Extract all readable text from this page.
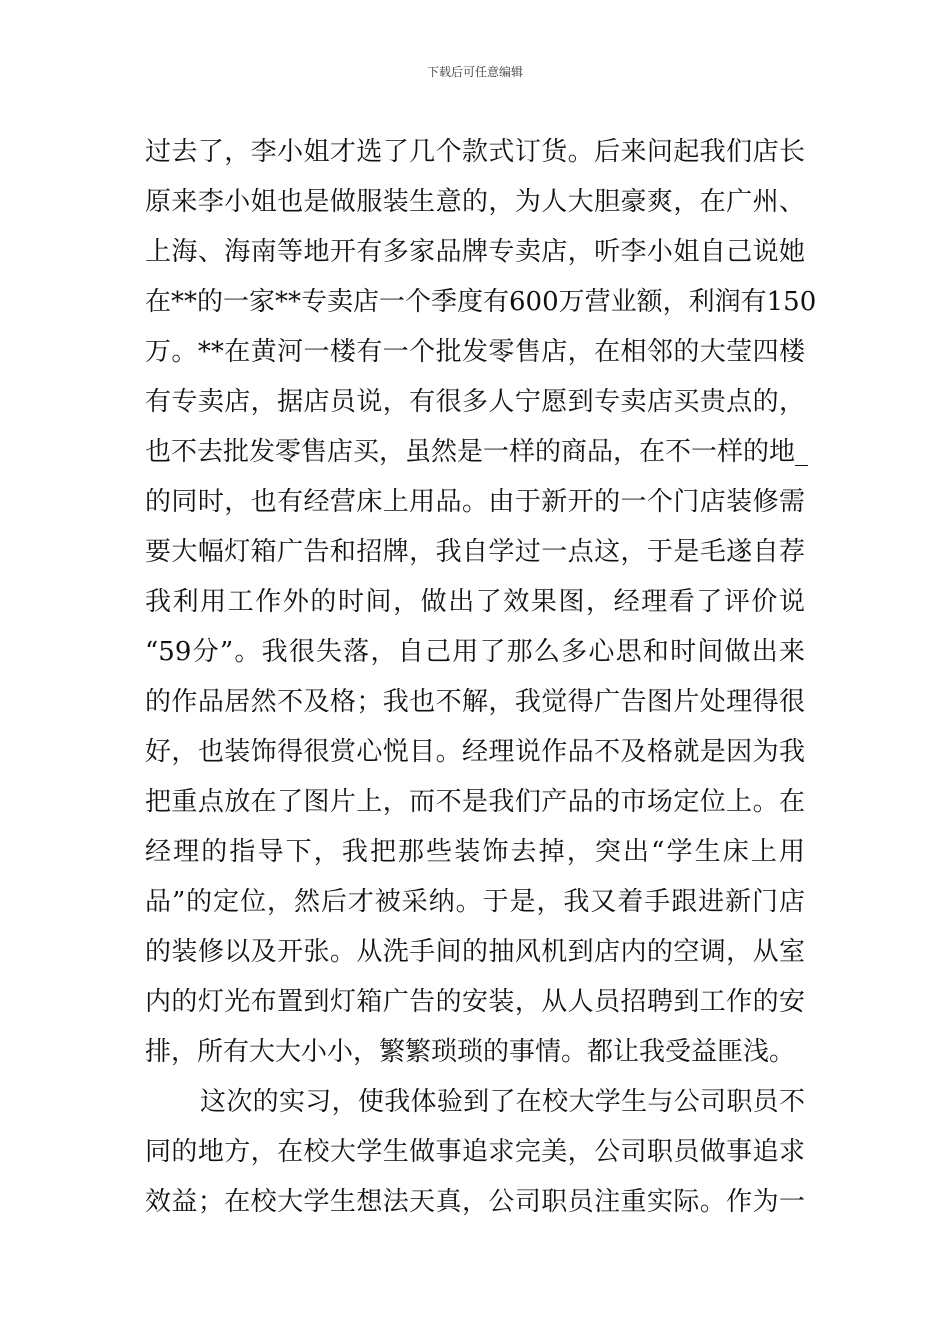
下载后可任意编辑
过去了，李小姐才选了几个款式订货。后来问起我们店长
原来李小姐也是做服装生意的，为人大胆豪爽，在广州、
上海、海南等地开有多家品牌专卖店，听李小姐自己说她
在**的一家**专卖店一个季度有600万营业额，利润有150
万。**在黄河一楼有一个批发零售店，在相邻的大莹四楼
有专卖店，据店员说，有很多人宁愿到专卖店买贵点的，
也不去批发零售店买，虽然是一样的商品，在不一样的地_
的同时，也有经营床上用品。由于新开的一个门店装修需
要大幅灯箱广告和招牌，我自学过一点这，于是毛遂自荐
我利用工作外的时间，做出了效果图，经理看了评价说
“59分”。我很失落，自己用了那么多心思和时间做出来
的作品居然不及格；我也不解，我觉得广告图片处理得很
好，也装饰得很赏心悦目。经理说作品不及格就是因为我
把重点放在了图片上，而不是我们产品的市场定位上。在
经理的指导下，我把那些装饰去掉，突出“学生床上用
品”的定位，然后才被采纳。于是，我又着手跟进新门店
的装修以及开张。从洗手间的抽风机到店内的空调，从室
内的灯光布置到灯箱广告的安装，从人员招聘到工作的安
排，所有大大小小，繁繁琐琐的事情。都让我受益匪浅。
这次的实习，使我体验到了在校大学生与公司职员不
同的地方，在校大学生做事追求完美，公司职员做事追求
效益；在校大学生想法天真，公司职员注重实际。作为一
